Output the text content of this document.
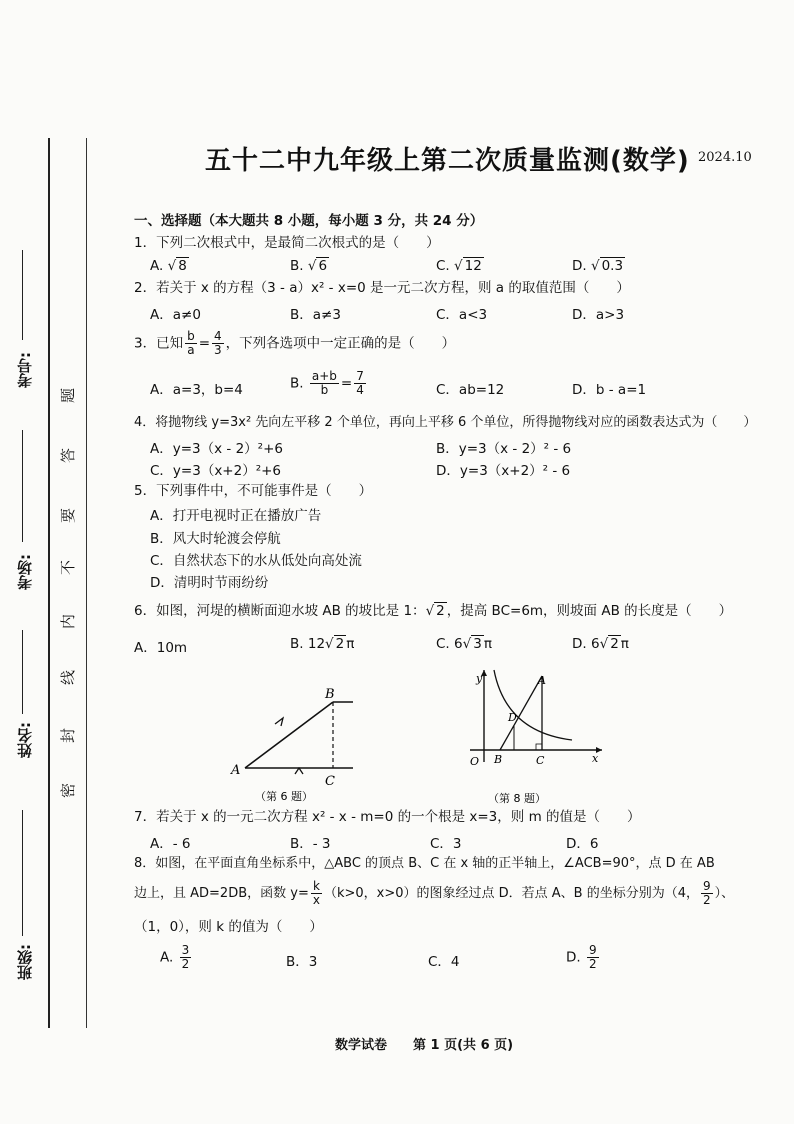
考号:
考场:
姓名:
班级:
题
答
要
不
内
线
封
密
五十二中九年级上第二次质量监测(数学) 2024.10
一、选择题（本大题共 8 小题，每小题 3 分，共 24 分）
1．下列二次根式中，是最简二次根式的是（　　）
A. √ 8	B. √ 6	C. √ 12	D. √ 0.3
2．若关于 x 的方程（3 - a）x² - x=0 是一元二次方程，则 a 的取值范围（　　）
A．a≠0	B．a≠3	C．a<3	D．a>3
3．已知 $\frac{b}{a} = \frac{4}{3}$ ，下列各选项中一定正确的是（　　）
A．a=3，b=4	B. $\frac{a+b}{b} = \frac{7}{4}$	C．ab=12	D．b - a=1
4．将抛物线 y=3x² 先向左平移 2 个单位，再向上平移 6 个单位，所得抛物线对应的函数表达式为（　　）
A．y=3（x - 2）²+6	B．y=3（x - 2）² - 6
C．y=3（x+2）²+6	D．y=3（x+2）² - 6
5．下列事件中，不可能事件是（　　）
A．打开电视时正在播放广告
B．风大时轮渡会停航
C．自然状态下的水从低处向高处流
D．清明时节雨纷纷
6．如图，河堤的横断面迎水坡 AB 的坡比是 1：√ 2 ，提高 BC=6m，则坡面 AB 的长度是（　　）
A．10m	B. 12√ 2 π	C. 6√ 3 π	D. 6√ 2 π
A
B
C
（第 6 题）
y
x
O
A
B	C
D
（第 8 题）
7．若关于 x 的一元二次方程 x² - x - m=0 的一个根是 x=3，则 m 的值是（　　）
A．- 6	B．- 3	C．3	D．6
8．如图，在平面直角坐标系中，△ABC 的顶点 B、C 在 x 轴的正半轴上，∠ACB=90°，点 D 在 AB
边上，且 AD=2DB，函数 $y= \frac{k}{x} (k>0$，x>0）的图象经过点 D．若点 A、B 的坐标分别为（4， $\frac{9}{2}$ ）、
（1，0），则 k 的值为（　　）
A. $\frac{3}{2}$	B．3	C．4	D. $\frac{9}{2}$
数学试卷　　第 1 页(共 6 页)
